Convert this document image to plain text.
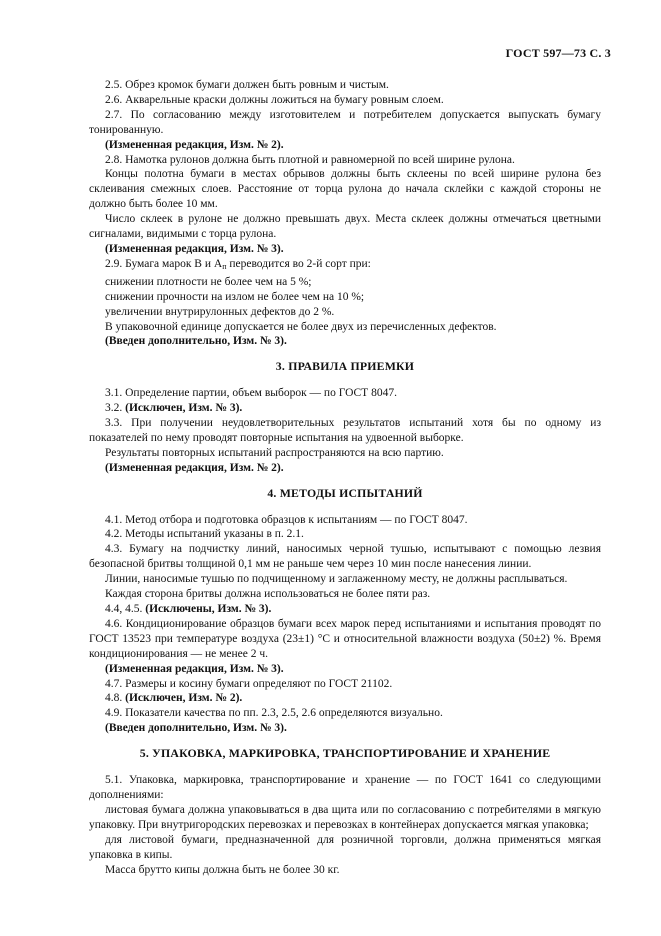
ГОСТ 597—73 С. 3

2.5. Обрез кромок бумаги должен быть ровным и чистым.

2.6. Акварельные краски должны ложиться на бумагу ровным слоем.

2.7. По согласованию между изготовителем и потребителем допускается выпускать бумагу тонированную.

(Измененная редакция, Изм. № 2).

2.8. Намотка рулонов должна быть плотной и равномерной по всей ширине рулона.

Концы полотна бумаги в местах обрывов должны быть склеены по всей ширине рулона без склеивания смежных слоев. Расстояние от торца рулона до начала склейки с каждой стороны не должно быть более 10 мм.

Число склеек в рулоне не должно превышать двух. Места склеек должны отмечаться цветными сигналами, видимыми с торца рулона.

(Измененная редакция, Изм. № 3).

2.9. Бумага марок В и $А_п$ переводится во 2-й сорт при:

снижении плотности не более чем на 5 %;

снижении прочности на излом не более чем на 10 %;

увеличении внутрирулонных дефектов до 2 %.

В упаковочной единице допускается не более двух из перечисленных дефектов.

(Введен дополнительно, Изм. № 3).

3. ПРАВИЛА ПРИЕМКИ

3.1. Определение партии, объем выборок — по ГОСТ 8047.

3.2. (Исключен, Изм. № 3).

3.3. При получении неудовлетворительных результатов испытаний хотя бы по одному из показателей по нему проводят повторные испытания на удвоенной выборке.

Результаты повторных испытаний распространяются на всю партию.

(Измененная редакция, Изм. № 2).

4. МЕТОДЫ ИСПЫТАНИЙ

4.1. Метод отбора и подготовка образцов к испытаниям — по ГОСТ 8047.

4.2. Методы испытаний указаны в п. 2.1.

4.3. Бумагу на подчистку линий, наносимых черной тушью, испытывают с помощью лезвия безопасной бритвы толщиной 0,1 мм не раньше чем через 10 мин после нанесения линии.

Линии, наносимые тушью по подчищенному и заглаженному месту, не должны расплываться.

Каждая сторона бритвы должна использоваться не более пяти раз.

4.4, 4.5. (Исключены, Изм. № 3).

4.6. Кондиционирование образцов бумаги всех марок перед испытаниями и испытания проводят по ГОСТ 13523 при температуре воздуха (23±1) °С и относительной влажности воздуха (50±2) %. Время кондиционирования — не менее 2 ч.

(Измененная редакция, Изм. № 3).

4.7. Размеры и косину бумаги определяют по ГОСТ 21102.

4.8. (Исключен, Изм. № 2).

4.9. Показатели качества по пп. 2.3, 2.5, 2.6 определяются визуально.

(Введен дополнительно, Изм. № 3).

5. УПАКОВКА, МАРКИРОВКА, ТРАНСПОРТИРОВАНИЕ И ХРАНЕНИЕ

5.1. Упаковка, маркировка, транспортирование и хранение — по ГОСТ 1641 со следующими дополнениями:

листовая бумага должна упаковываться в два щита или по согласованию с потребителями в мягкую упаковку. При внутригородских перевозках и перевозках в контейнерах допускается мягкая упаковка;

для листовой бумаги, предназначенной для розничной торговли, должна применяться мягкая упаковка в кипы.

Масса брутто кипы должна быть не более 30 кг.
